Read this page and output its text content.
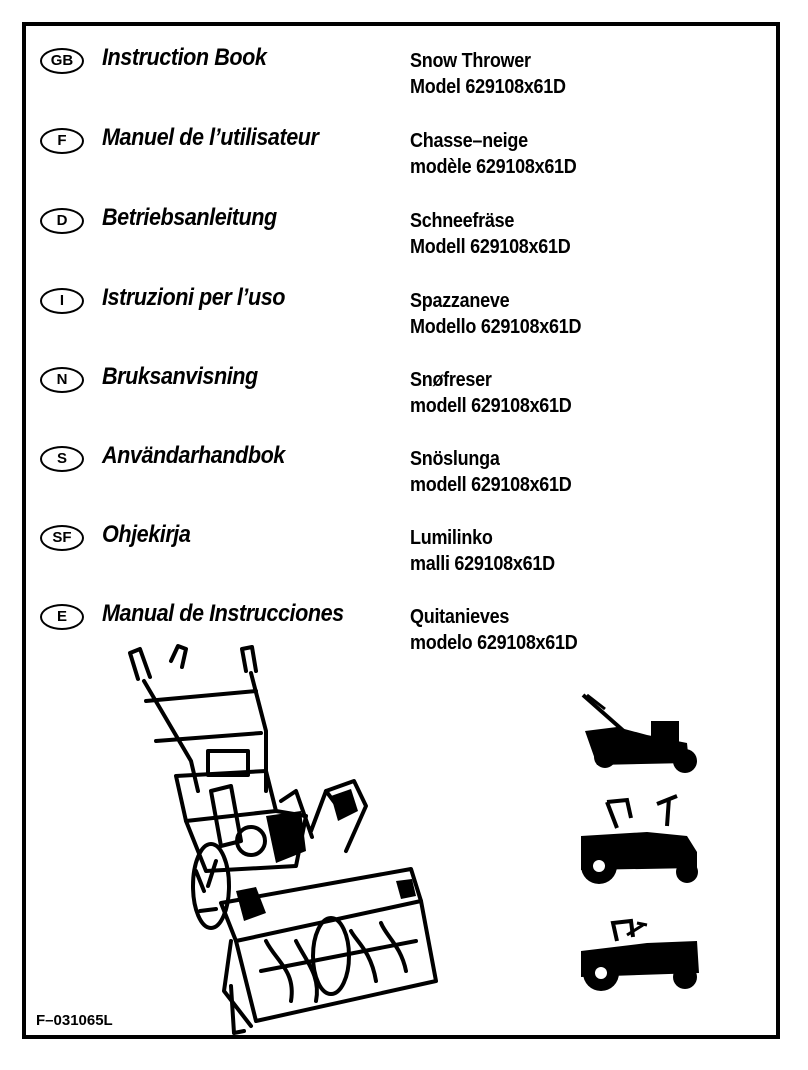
GB	Instruction Book	Snow Thrower
Model 629108x61D
F	Manuel de l’utilisateur	Chasse–neige
modèle 629108x61D
D	Betriebsanleitung	Schneefräse
Modell 629108x61D
I	Istruzioni per l’uso	Spazzaneve
Modello 629108x61D
N	Bruksanvisning	Snøfreser
modell 629108x61D
S	Användarhandbok	Snöslunga
modell 629108x61D
SF	Ohjekirja	Lumilinko
malli 629108x61D
E	Manual de Instrucciones	Quitanieves
modelo 629108x61D
F–031065L
